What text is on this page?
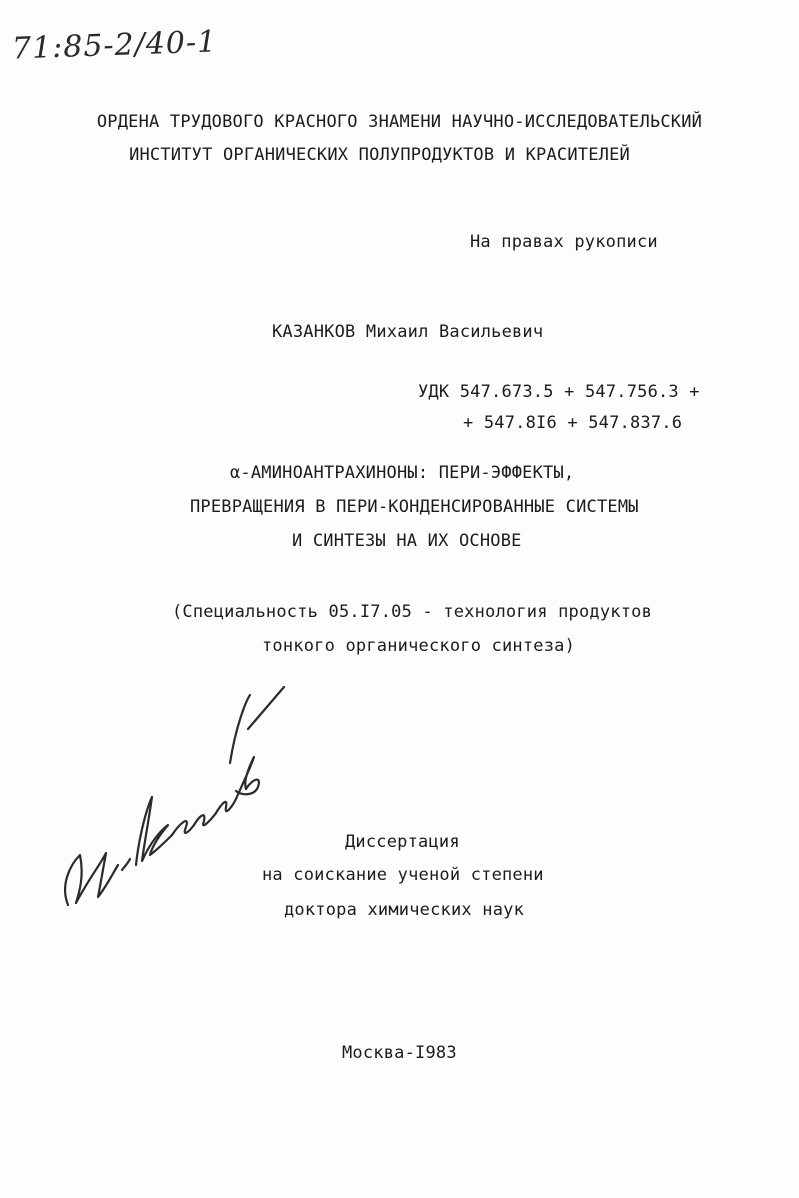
71:85-2/40-1
ОРДЕНА ТРУДОВОГО КРАСНОГО ЗНАМЕНИ НАУЧНО-ИССЛЕДОВАТЕЛЬСКИЙ
ИНСТИТУТ ОРГАНИЧЕСКИХ ПОЛУПРОДУКТОВ И КРАСИТЕЛЕЙ
На правах рукописи
КАЗАНКОВ Михаил Васильевич
УДК 547.673.5 + 547.756.3 +
+ 547.8I6 + 547.837.6
α-АМИНОАНТРАХИНОНЫ: ПЕРИ-ЭФФЕКТЫ,
ПРЕВРАЩЕНИЯ В ПЕРИ-КОНДЕНСИРОВАННЫЕ СИСТЕМЫ
И СИНТЕЗЫ НА ИХ ОСНОВЕ
(Специальность 05.I7.05 - технология продуктов
тонкого органического синтеза)
Диссертация
на соискание ученой степени
доктора химических наук
Москва-I983
